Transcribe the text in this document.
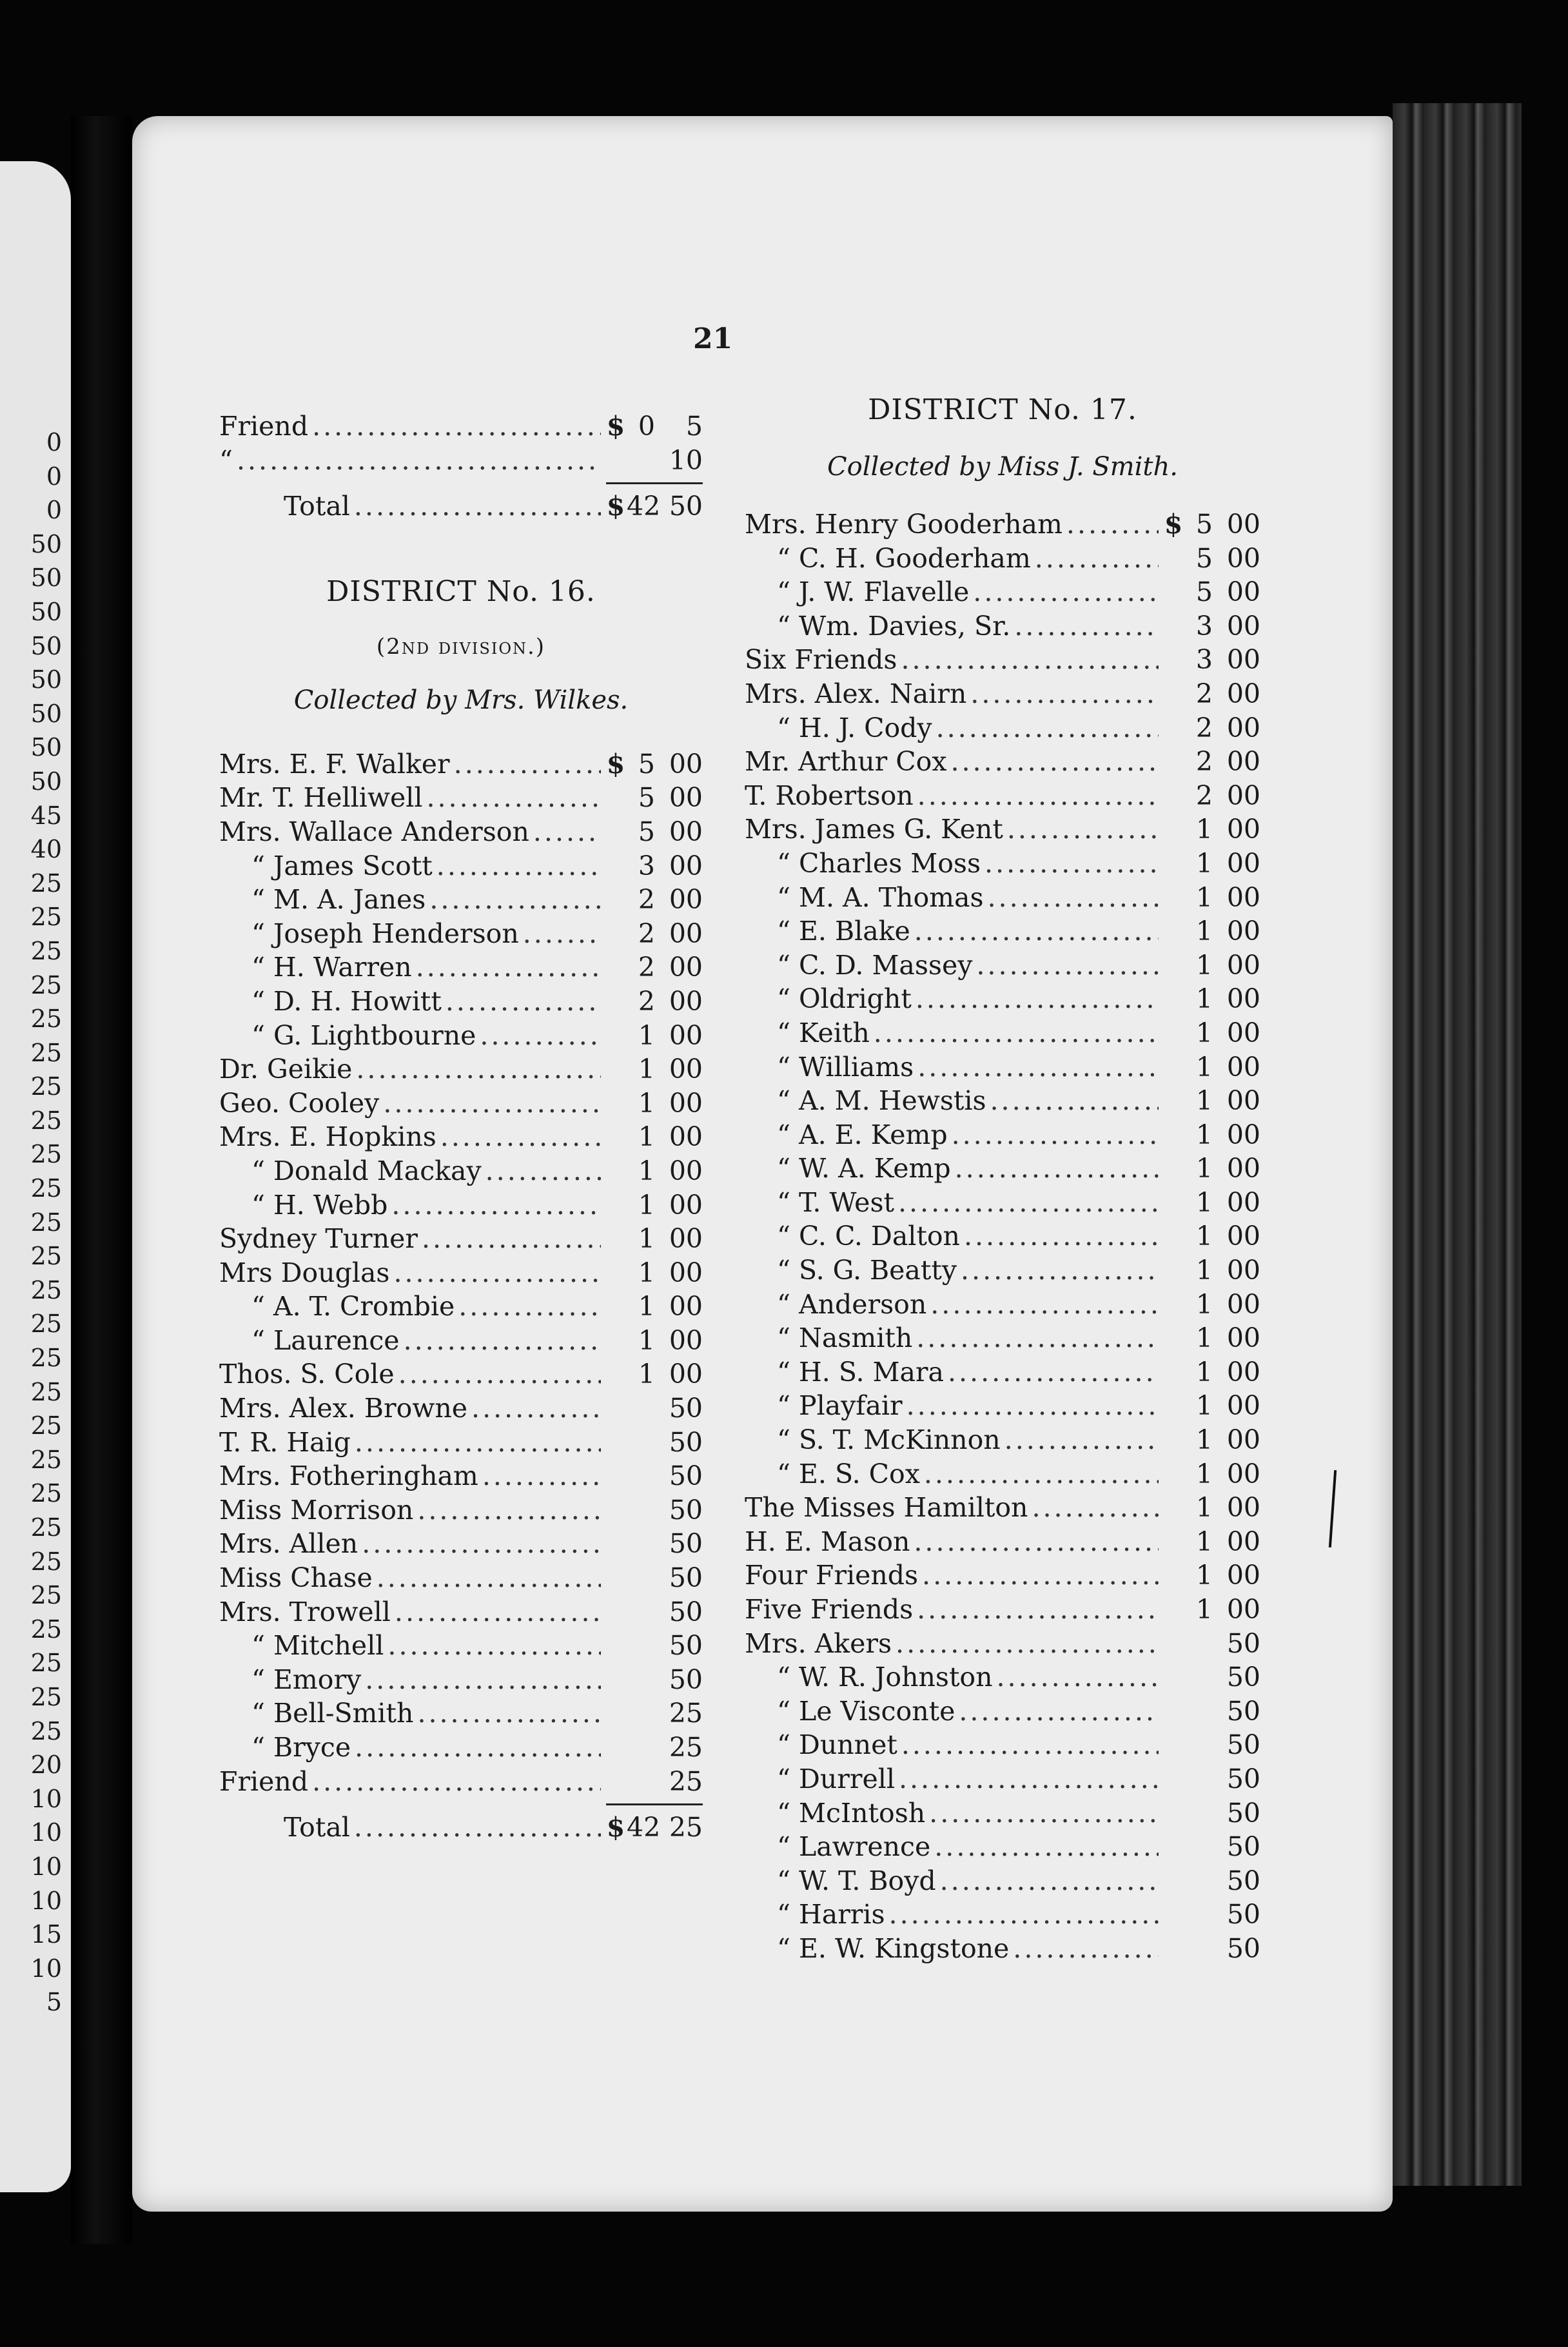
0
0
0
50
50
50
50
50
50
50
50
45
40
25
25
25
25
25
25
25
25
25
25
25
25
25
25
25
25
25
25
25
25
25
25
25
25
25
25
20
10
10
10
10
15
10
5
21
Friend .....	$ 0	5
“ .....	10
Total .....	$ 42 50

DISTRICT No. 16.

(2nd division.)
Collected by Mrs. Wilkes.
Mrs. E. F. Walker .....	$ 5 00
Mr. T. Helliwell .....	5 00
Mrs. Wallace Anderson .....	5 00
“ James Scott .....	3 00
“ M. A. Janes .....	2 00
“ Joseph Henderson .....	2 00
“ H. Warren .....	2 00
“ D. H. Howitt .....	2 00
“ G. Lightbourne .....	1 00
Dr. Geikie .....	1 00
Geo. Cooley .....	1 00
Mrs. E. Hopkins .....	1 00
“ Donald Mackay .....	1 00
“ H. Webb .....	1 00
Sydney Turner .....	1 00
Mrs Douglas .....	1 00
“ A. T. Crombie .....	1 00
“ Laurence .....	1 00
Thos. S. Cole .....	1 00
Mrs. Alex. Browne .....	50
T. R. Haig .....	50
Mrs. Fotheringham .....	50
Miss Morrison .....	50
Mrs. Allen .....	50
Miss Chase .....	50
Mrs. Trowell .....	50
“ Mitchell .....	50
“ Emory .....	50
“ Bell-Smith .....	25
“ Bryce .....	25
Friend .....	25
Total .....	$ 42 25

DISTRICT No. 17.

Collected by Miss J. Smith.
Mrs. Henry Gooderham .....	$ 5 00
“ C. H. Gooderham .....	5 00
“ J. W. Flavelle .....	5 00
“ Wm. Davies, Sr. .....	3 00
Six Friends .....	3 00
Mrs. Alex. Nairn .....	2 00
“ H. J. Cody .....	2 00
Mr. Arthur Cox .....	2 00
T. Robertson .....	2 00
Mrs. James G. Kent .....	1 00
“ Charles Moss .....	1 00
“ M. A. Thomas .....	1 00
“ E. Blake .....	1 00
“ C. D. Massey .....	1 00
“ Oldright .....	1 00
“ Keith .....	1 00
“ Williams .....	1 00
“ A. M. Hewstis .....	1 00
“ A. E. Kemp .....	1 00
“ W. A. Kemp .....	1 00
“ T. West .....	1 00
“ C. C. Dalton .....	1 00
“ S. G. Beatty .....	1 00
“ Anderson .....	1 00
“ Nasmith .....	1 00
“ H. S. Mara .....	1 00
“ Playfair .....	1 00
“ S. T. McKinnon .....	1 00
“ E. S. Cox .....	1 00
The Misses Hamilton .....	1 00
H. E. Mason .....	1 00
Four Friends .....	1 00
Five Friends .....	1 00
Mrs. Akers .....	50
“ W. R. Johnston .....	50
“ Le Visconte .....	50
“ Dunnet .....	50
“ Durrell .....	50
“ McIntosh .....	50
“ Lawrence .....	50
“ W. T. Boyd .....	50
“ Harris .....	50
“ E. W. Kingstone .....	50
